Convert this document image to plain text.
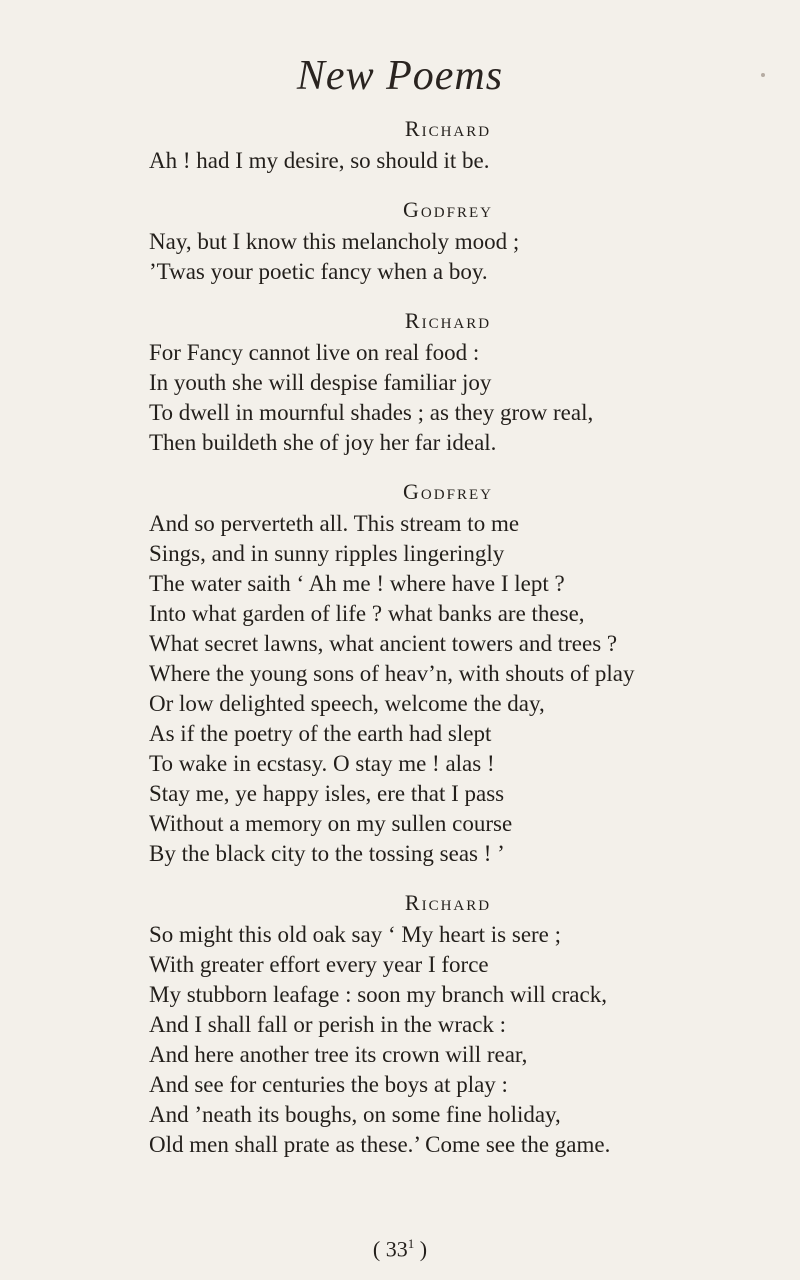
New Poems
Richard
Ah ! had I my desire, so should it be.
Godfrey
Nay, but I know this melancholy mood ;
’Twas your poetic fancy when a boy.
Richard
For Fancy cannot live on real food :
In youth she will despise familiar joy
To dwell in mournful shades ; as they grow real,
Then buildeth she of joy her far ideal.
Godfrey
And so perverteth all. This stream to me
Sings, and in sunny ripples lingeringly
The water saith ‘ Ah me ! where have I lept ?
Into what garden of life ? what banks are these,
What secret lawns, what ancient towers and trees ?
Where the young sons of heav’n, with shouts of play
Or low delighted speech, welcome the day,
As if the poetry of the earth had slept
To wake in ecstasy. O stay me ! alas !
Stay me, ye happy isles, ere that I pass
Without a memory on my sullen course
By the black city to the tossing seas ! ’
Richard
So might this old oak say ‘ My heart is sere ;
With greater effort every year I force
My stubborn leafage : soon my branch will crack,
And I shall fall or perish in the wrack :
And here another tree its crown will rear,
And see for centuries the boys at play :
And ’neath its boughs, on some fine holiday,
Old men shall prate as these.’ Come see the game.
( $33^1$ )
